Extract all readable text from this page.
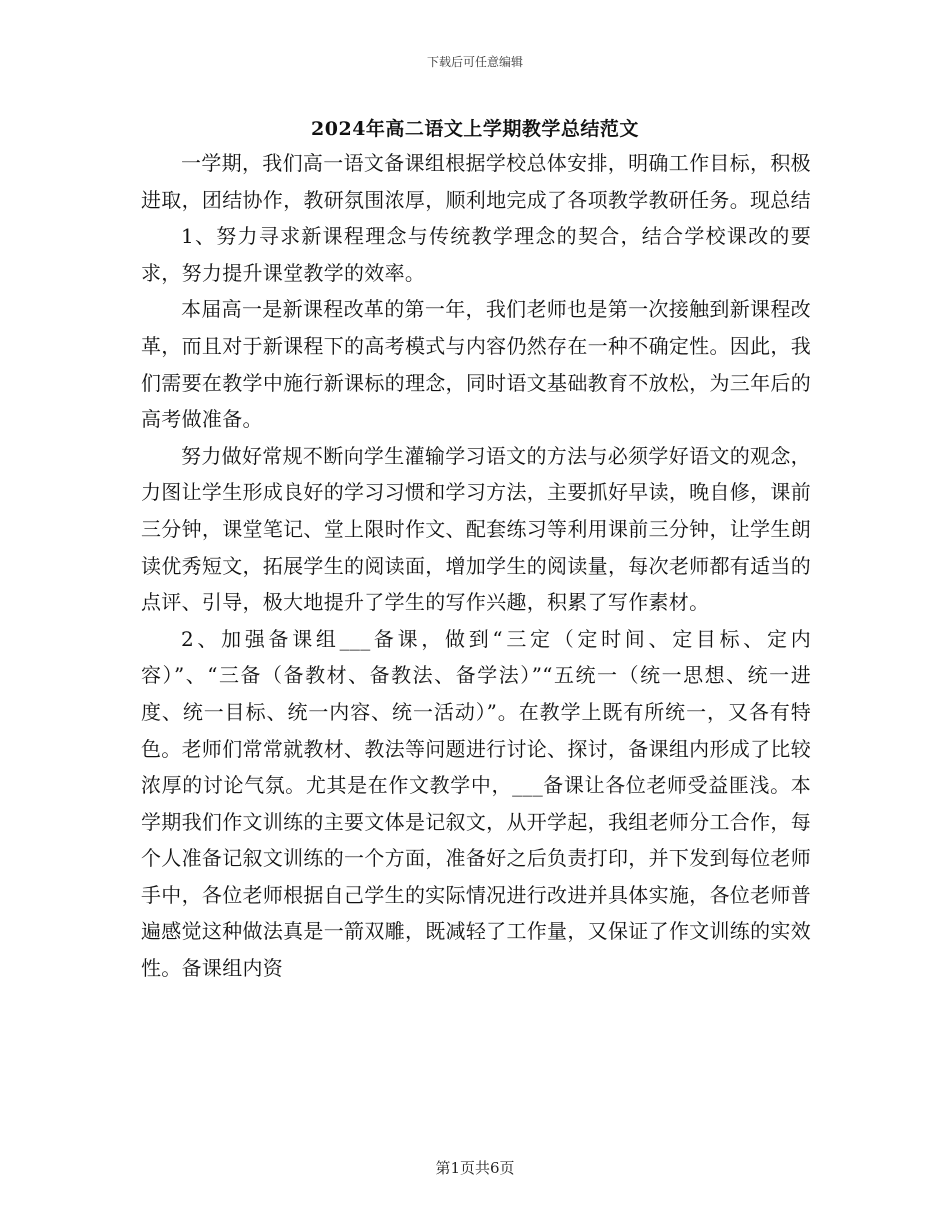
下载后可任意编辑
2024年高二语文上学期教学总结范文

一学期，我们高一语文备课组根据学校总体安排，明确工作目标，积极进取，团结协作，教研氛围浓厚，顺利地完成了各项教学教研任务。现总结

1、努力寻求新课程理念与传统教学理念的契合，结合学校课改的要求，努力提升课堂教学的效率。

本届高一是新课程改革的第一年，我们老师也是第一次接触到新课程改革，而且对于新课程下的高考模式与内容仍然存在一种不确定性。因此，我们需要在教学中施行新课标的理念，同时语文基础教育不放松，为三年后的高考做准备。

努力做好常规不断向学生灌输学习语文的方法与必须学好语文的观念，力图让学生形成良好的学习习惯和学习方法，主要抓好早读，晚自修，课前三分钟，课堂笔记、堂上限时作文、配套练习等利用课前三分钟，让学生朗读优秀短文，拓展学生的阅读面，增加学生的阅读量，每次老师都有适当的点评、引导，极大地提升了学生的写作兴趣，积累了写作素材。

2、加强备课组___备课，做到“三定（定时间、定目标、定内容）”、“三备（备教材、备教法、备学法）”“五统一（统一思想、统一进度、统一目标、统一内容、统一活动）”。在教学上既有所统一，又各有特色。老师们常常就教材、教法等问题进行讨论、探讨，备课组内形成了比较浓厚的讨论气氛。尤其是在作文教学中，___备课让各位老师受益匪浅。本学期我们作文训练的主要文体是记叙文，从开学起，我组老师分工合作，每个人准备记叙文训练的一个方面，准备好之后负责打印，并下发到每位老师手中，各位老师根据自己学生的实际情况进行改进并具体实施，各位老师普遍感觉这种做法真是一箭双雕，既减轻了工作量，又保证了作文训练的实效性。备课组内资

第1页共6页
